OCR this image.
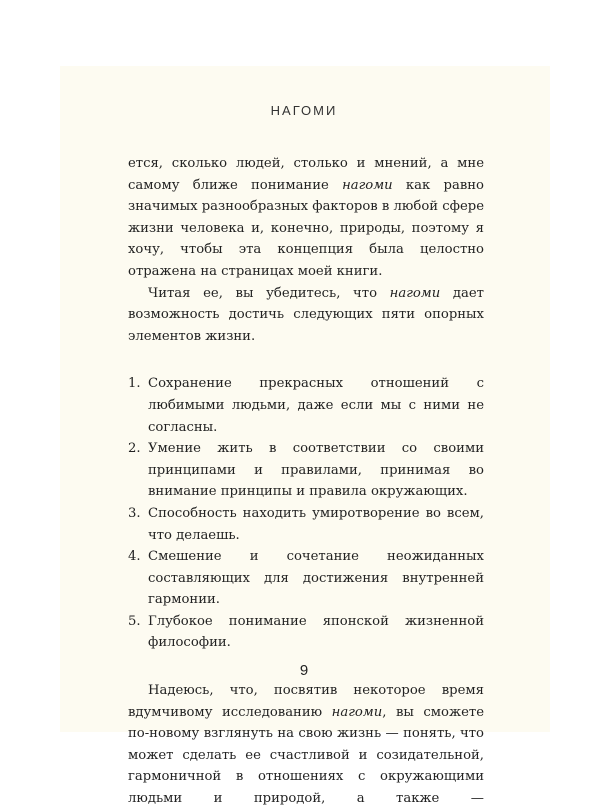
НАГОМИ

ется, сколько людей, столько и мнений, а мне самому ближе понимание нагоми как равно значимых разнообразных факторов в любой сфере жизни человека и, конечно, природы, поэтому я хочу, чтобы эта концепция была целостно отражена на страницах моей книги.

Читая ее, вы убедитесь, что нагоми дает возможность достичь следующих пяти опорных элементов жизни.

1. Сохранение прекрасных отношений с любимыми людьми, даже если мы с ними не согласны.
2. Умение жить в соответствии со своими принципами и правилами, принимая во внимание принципы и правила окружающих.
3. Способность находить умиротворение во всем, что делаешь.
4. Смешение и сочетание неожиданных составляющих для достижения внутренней гармонии.
5. Глубокое понимание японской жизненной философии.

Надеюсь, что, посвятив некоторое время вдумчивому исследованию нагоми, вы сможете по-новому взглянуть на свою жизнь — понять, что может сделать ее счастливой и созидательной, гармоничной в отношениях с окружающими людьми и природой, а также —

9
